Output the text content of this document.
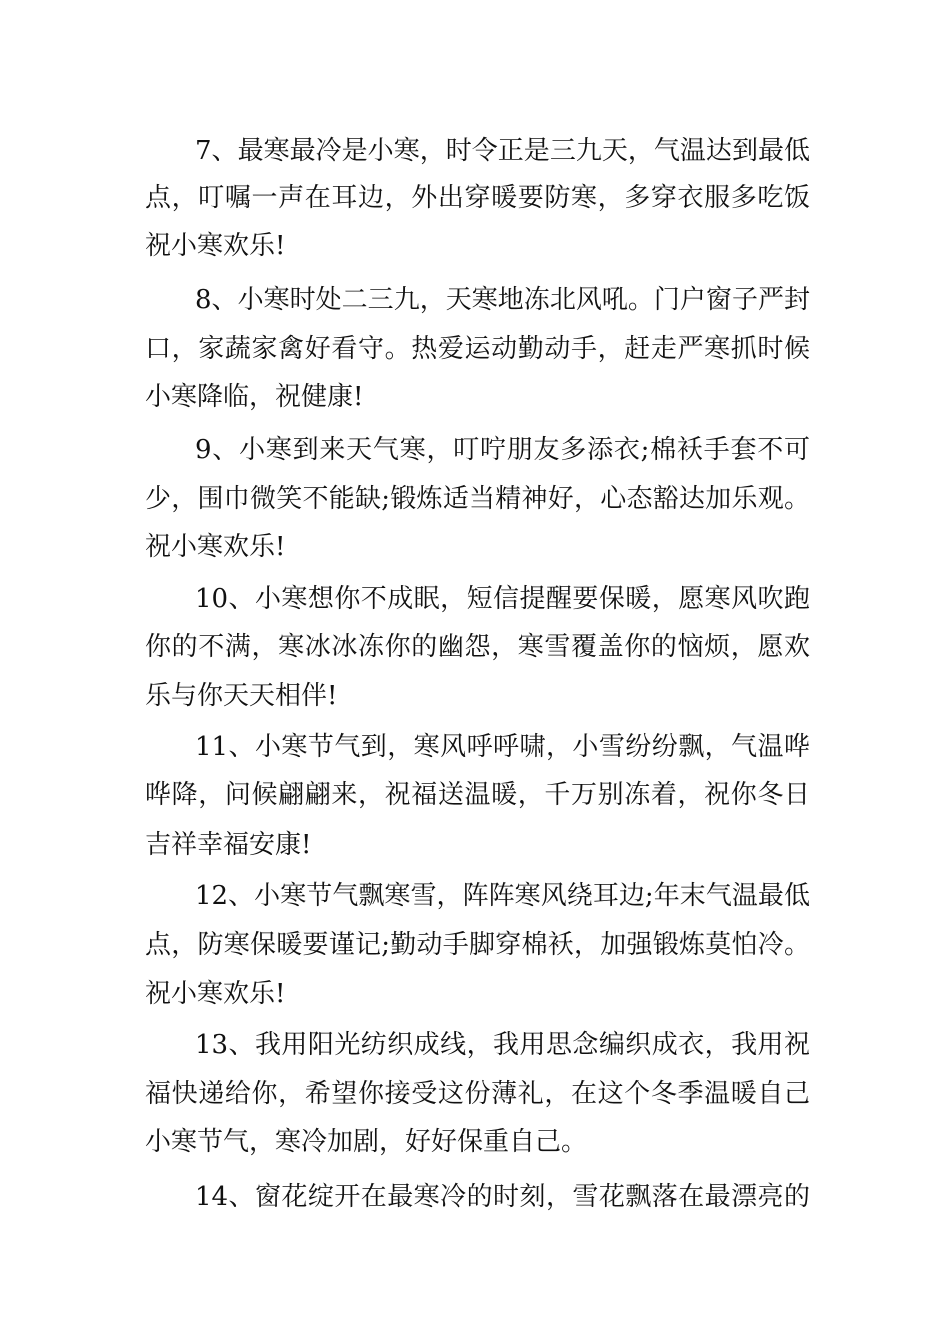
7、最寒最冷是小寒，时令正是三九天，气温达到最低
点，叮嘱一声在耳边，外出穿暖要防寒，多穿衣服多吃饭
祝小寒欢乐!
8、小寒时处二三九，天寒地冻北风吼。门户窗子严封
口，家蔬家禽好看守。热爱运动勤动手，赶走严寒抓时候
小寒降临，祝健康!
9、小寒到来天气寒，叮咛朋友多添衣;棉袄手套不可
少，围巾微笑不能缺;锻炼适当精神好，心态豁达加乐观。
祝小寒欢乐!
10、小寒想你不成眠，短信提醒要保暖，愿寒风吹跑
你的不满，寒冰冰冻你的幽怨，寒雪覆盖你的恼烦，愿欢
乐与你天天相伴!
11、小寒节气到，寒风呼呼啸，小雪纷纷飘，气温哗
哗降，问候翩翩来，祝福送温暖，千万别冻着，祝你冬日
吉祥幸福安康!
12、小寒节气飘寒雪，阵阵寒风绕耳边;年末气温最低
点，防寒保暖要谨记;勤动手脚穿棉袄，加强锻炼莫怕冷。
祝小寒欢乐!
13、我用阳光纺织成线，我用思念编织成衣，我用祝
福快递给你，希望你接受这份薄礼，在这个冬季温暖自己
小寒节气，寒冷加剧，好好保重自己。
14、窗花绽开在最寒冷的时刻，雪花飘落在最漂亮的
